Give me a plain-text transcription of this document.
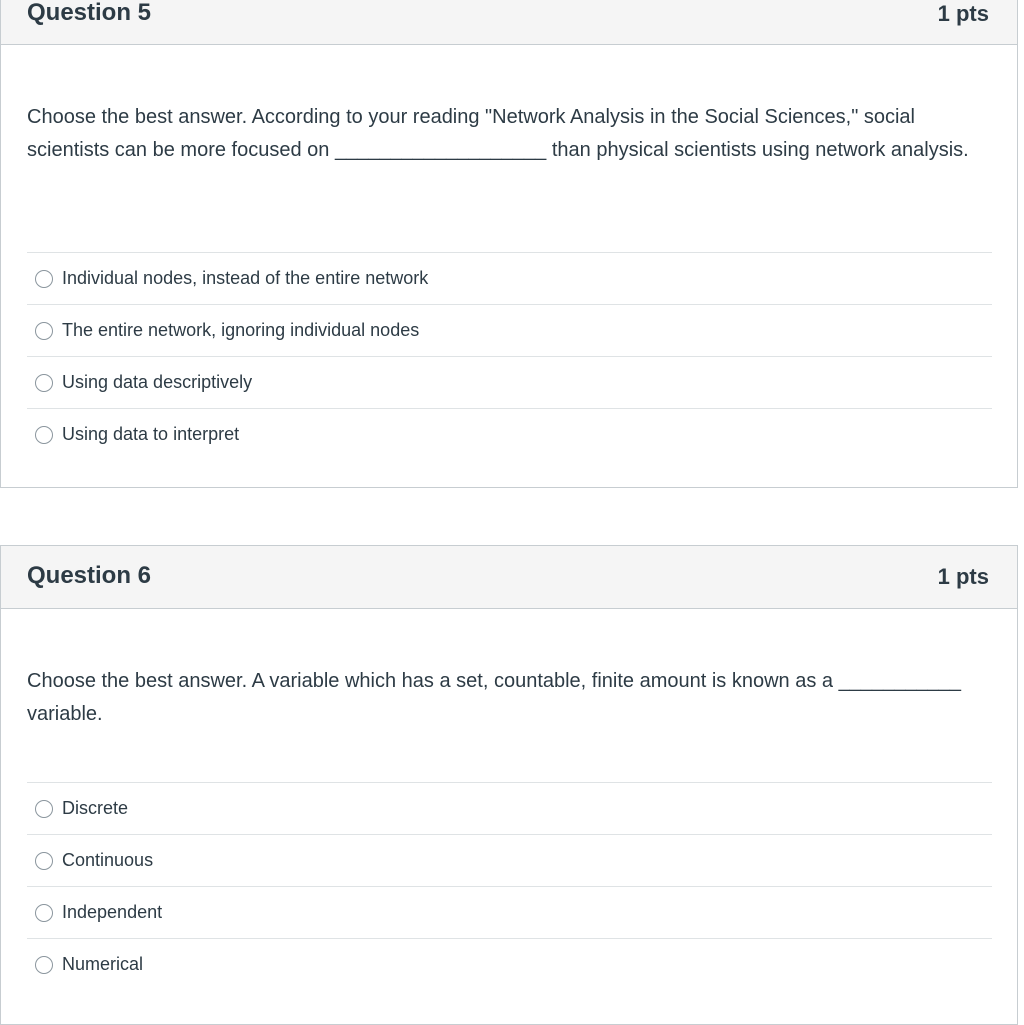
Question 5	1 pts
Choose the best answer. According to your reading "Network Analysis in the Social Sciences," social scientists can be more focused on ___________________ than physical scientists using network analysis.
Individual nodes, instead of the entire network
The entire network, ignoring individual nodes
Using data descriptively
Using data to interpret
Question 6	1 pts
Choose the best answer. A variable which has a set, countable, finite amount is known as a ___________ variable.
Discrete
Continuous
Independent
Numerical
